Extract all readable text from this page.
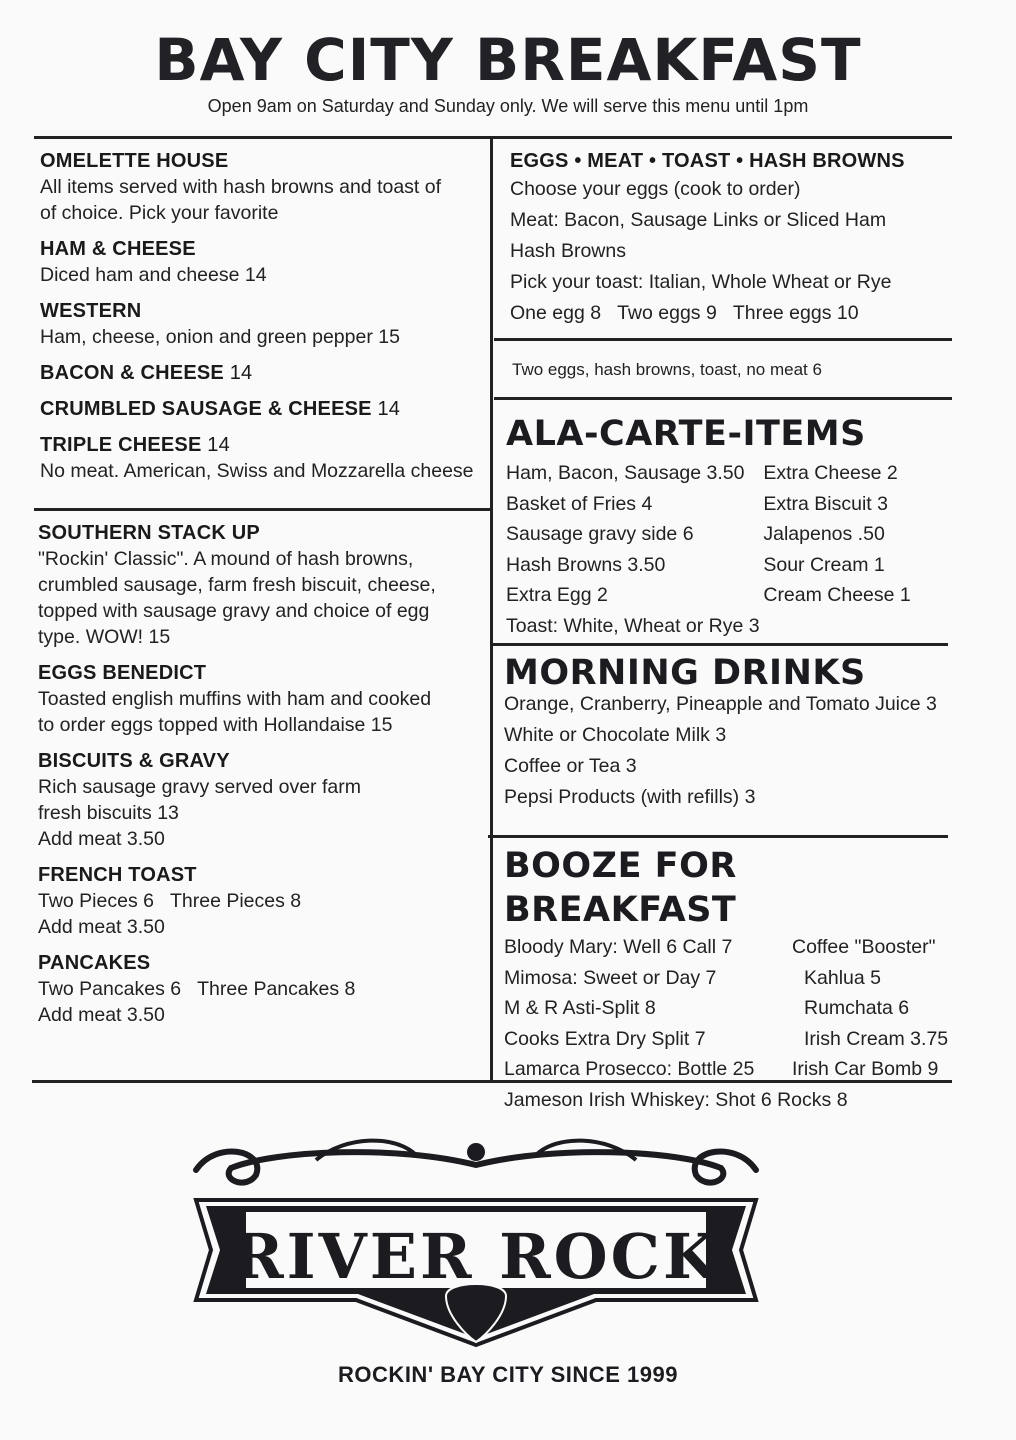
BAY CITY BREAKFAST
Open 9am on Saturday and Sunday only. We will serve this menu until 1pm
OMELETTE HOUSE
All items served with hash browns and toast of
of choice. Pick your favorite
HAM & CHEESE
Diced ham and cheese 14
WESTERN
Ham, cheese, onion and green pepper 15
BACON & CHEESE 14
CRUMBLED SAUSAGE & CHEESE 14
TRIPLE CHEESE 14
No meat. American, Swiss and Mozzarella cheese
SOUTHERN STACK UP
"Rockin' Classic". A mound of hash browns,
crumbled sausage, farm fresh biscuit, cheese,
topped with sausage gravy and choice of egg
type. WOW! 15
EGGS BENEDICT
Toasted english muffins with ham and cooked
to order eggs topped with Hollandaise 15
BISCUITS & GRAVY
Rich sausage gravy served over farm
fresh biscuits 13
Add meat 3.50
FRENCH TOAST
Two Pieces 6 Three Pieces 8
Add meat 3.50
PANCAKES
Two Pancakes 6 Three Pancakes 8
Add meat 3.50
EGGS • MEAT • TOAST • HASH BROWNS
Choose your eggs (cook to order)
Meat: Bacon, Sausage Links or Sliced Ham
Hash Browns
Pick your toast: Italian, Whole Wheat or Rye
One egg 8 Two eggs 9 Three eggs 10
Two eggs, hash browns, toast, no meat 6
ALA-CARTE-ITEMS
Ham, Bacon, Sausage 3.50
Basket of Fries 4
Sausage gravy side 6
Hash Browns 3.50
Extra Egg 2
Extra Cheese 2
Extra Biscuit 3
Jalapenos .50
Sour Cream 1
Cream Cheese 1
Toast: White, Wheat or Rye 3
MORNING DRINKS
Orange, Cranberry, Pineapple and Tomato Juice 3
White or Chocolate Milk 3
Coffee or Tea 3
Pepsi Products (with refills) 3
BOOZE FOR BREAKFAST
Bloody Mary: Well 6 Call 7
Mimosa: Sweet or Day 7
M & R Asti-Split 8
Cooks Extra Dry Split 7
Lamarca Prosecco: Bottle 25
Coffee "Booster"
Kahlua 5
Rumchata 6
Irish Cream 3.75
Irish Car Bomb 9
Jameson Irish Whiskey: Shot 6 Rocks 8
RIVER ROCK
ROCKIN' BAY CITY SINCE 1999
